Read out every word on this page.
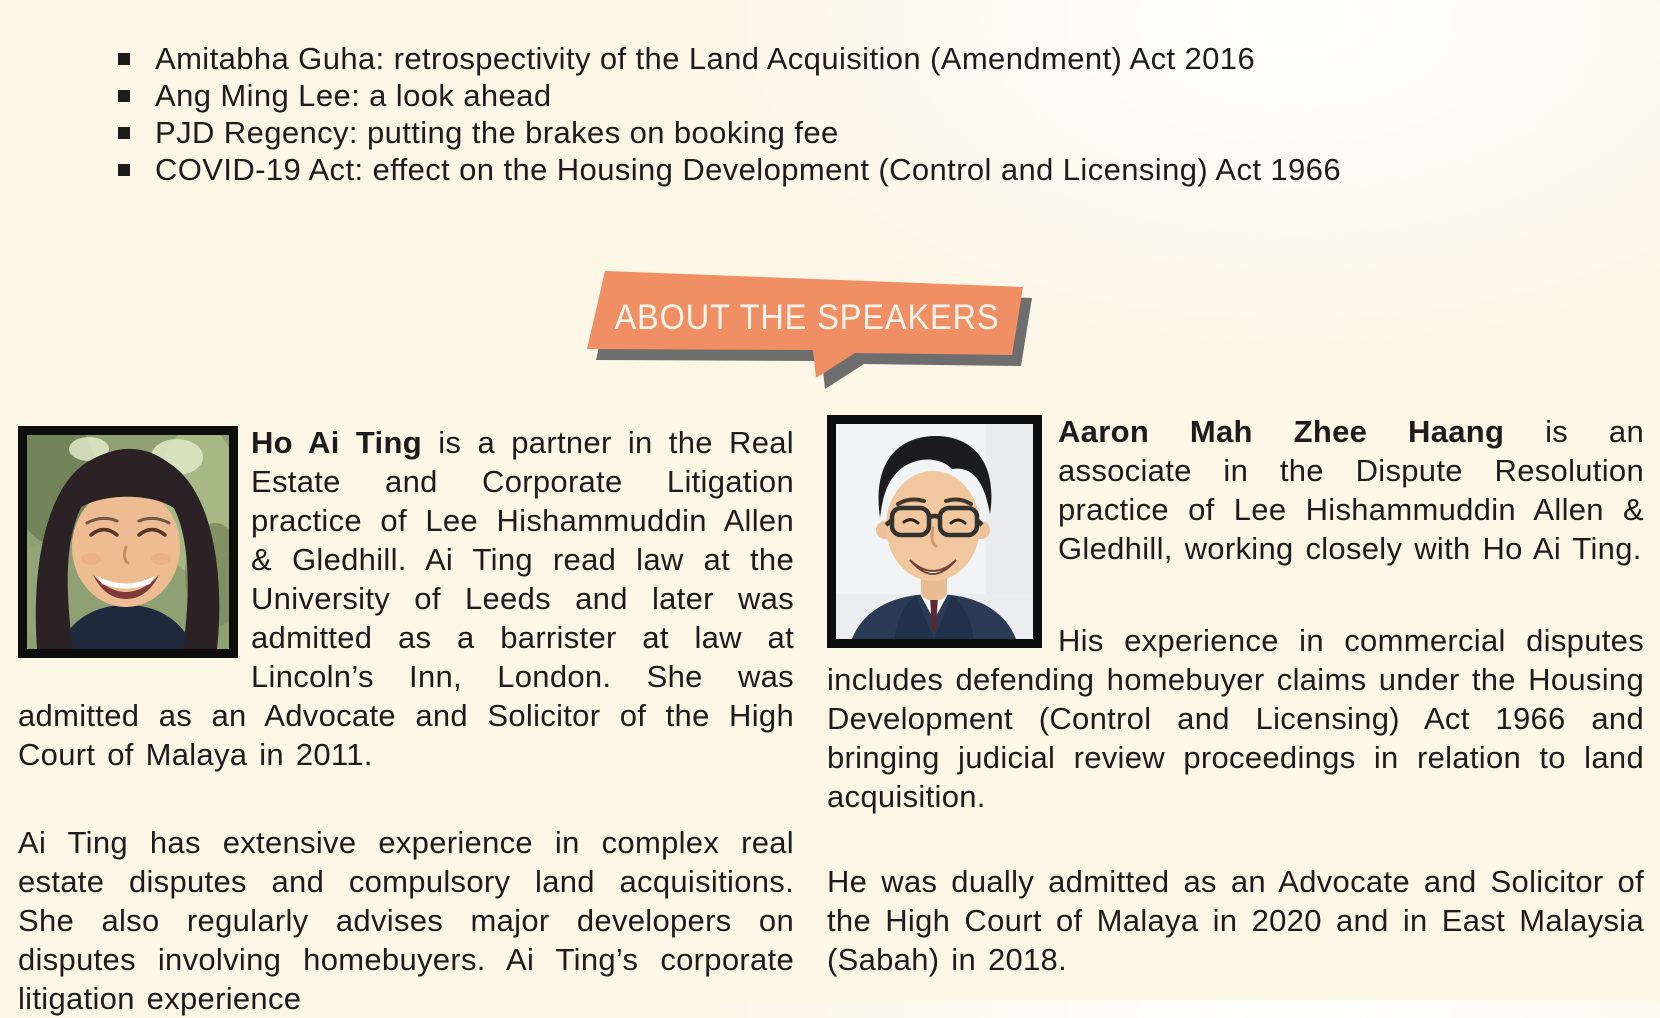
Amitabha Guha: retrospectivity of the Land Acquisition (Amendment) Act 2016
Ang Ming Lee: a look ahead
PJD Regency: putting the brakes on booking fee
COVID-19 Act: effect on the Housing Development (Control and Licensing) Act 1966
ABOUT THE SPEAKERS

Ho Ai Ting is a partner in the Real Estate and Corporate Litigation practice of Lee Hishammuddin Allen & Gledhill. Ai Ting read law at the University of Leeds and later was admitted as a barrister at law at Lincoln’s Inn, London. She was admitted as an Advocate and Solicitor of the High Court of Malaya in 2011.

Ai Ting has extensive experience in complex real estate disputes and compulsory land acquisitions. She also regularly advises major developers on disputes involving homebuyers. Ai Ting’s corporate litigation experience

Aaron Mah Zhee Haang is an associate in the Dispute Resolution practice of Lee Hishammuddin Allen & Gledhill, working closely with Ho Ai Ting.

His experience in commercial disputes includes defending homebuyer claims under the Housing Development (Control and Licensing) Act 1966 and bringing judicial review proceedings in relation to land acquisition.

He was dually admitted as an Advocate and Solicitor of the High Court of Malaya in 2020 and in East Malaysia (Sabah) in 2018.
